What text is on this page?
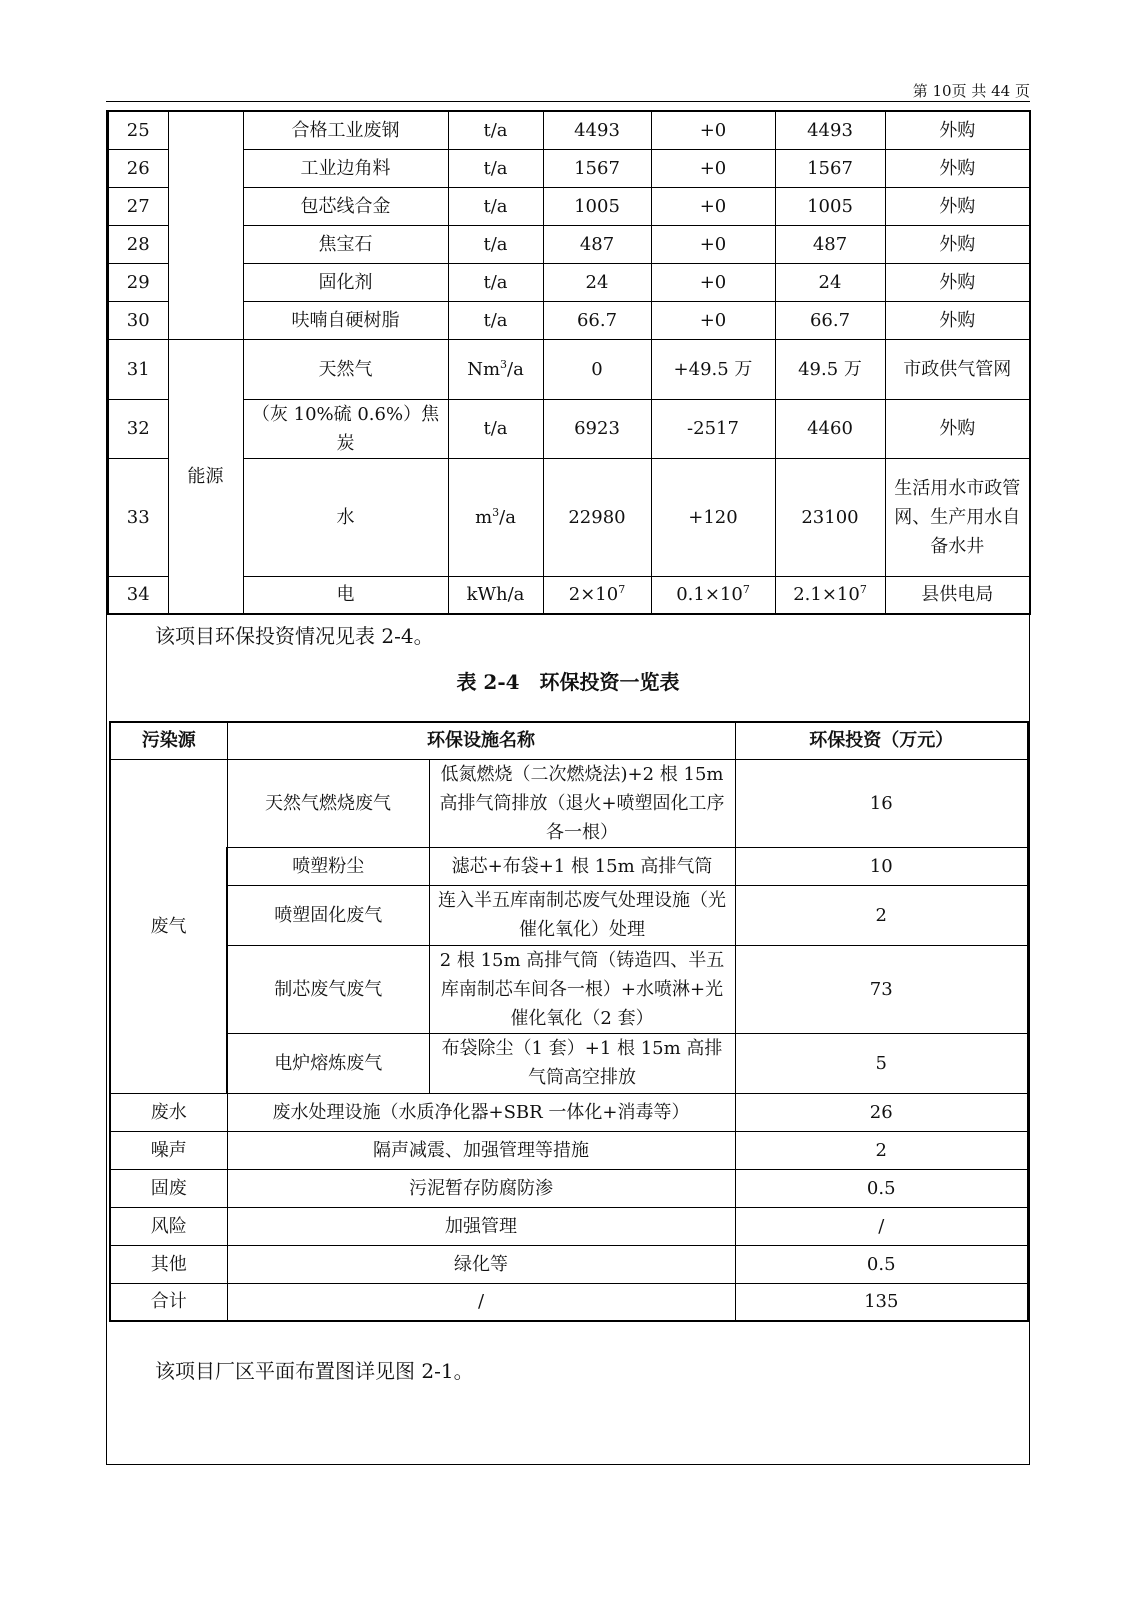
第 10页 共 44 页
25		合格工业废钢	t/a	4493	+0	4493	外购
26		工业边角料	t/a	1567	+0	1567	外购
27		包芯线合金	t/a	1005	+0	1005	外购
28		焦宝石	t/a	487	+0	487	外购
29		固化剂	t/a	24	+0	24	外购
30		呋喃自硬树脂	t/a	66.7	+0	66.7	外购
31	能源	天然气	Nm$^3$/a	0	+49.5 万	49.5 万	市政供气管网
32		（灰 10%硫 0.6%）焦炭	t/a	6923	-2517	4460	外购
33		水	$m^3/a$	22980	+120	23100	生活用水市政管网、生产用水自备水井
34		电	kWh/a	$2\times 10^7$	$0.1\times 10^7$	$2.1\times 10^7$	县供电局
该项目环保投资情况见表 2-4。
表 2-4　环保投资一览表
污染源	环保设施名称		环保投资（万元）
废气	天然气燃烧废气	低氮燃烧（二次燃烧法)+2 根 15m 高排气筒排放（退火+喷塑固化工序各一根）	16
	喷塑粉尘	滤芯+布袋+1 根 15m 高排气筒	10
	喷塑固化废气	连入半五库南制芯废气处理设施（光催化氧化）处理	2
	制芯废气废气	2 根 15m 高排气筒（铸造四、半五库南制芯车间各一根）+水喷淋+光催化氧化（2 套）	73
	电炉熔炼废气	布袋除尘（1 套）+1 根 15m 高排气筒高空排放	5
废水	废水处理设施（水质净化器+SBR 一体化+消毒等）		26
噪声	隔声减震、加强管理等措施		2
固废	污泥暂存防腐防渗		0.5
风险	加强管理		/
其他	绿化等		0.5
合计	/		135
该项目厂区平面布置图详见图 2-1。
